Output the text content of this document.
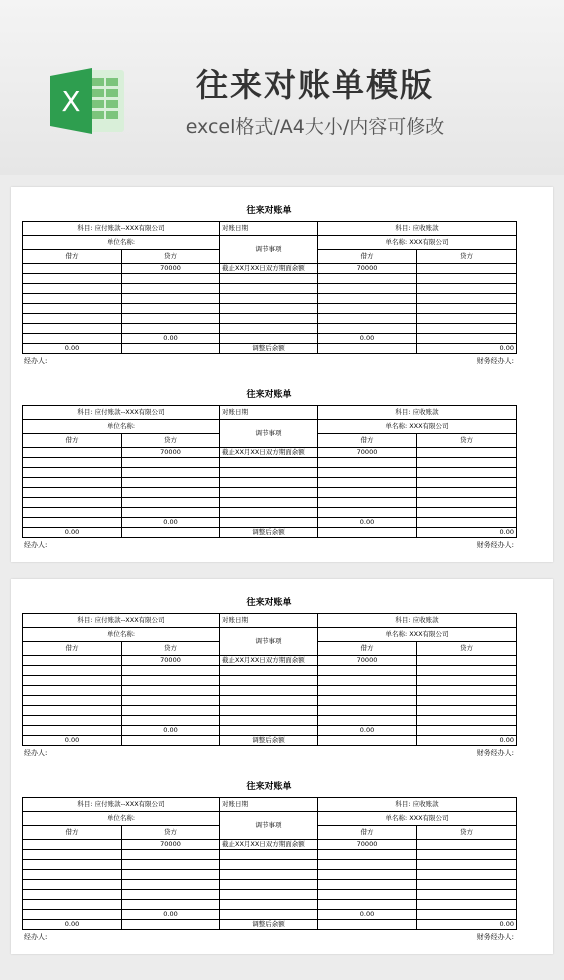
X	往来对账单模版
excel格式/A4大小/内容可修改
往来对账单
科目: 应付账款--XXX有限公司		对账日期	科目: 应收账款	
单位名称:		调节事项	单名称: XXX有限公司	
借方	贷方		借方	贷方
	70000	截止XX月XX日双方期面余额	70000	

	0.00		0.00	
0.00		调整后余额		0.00
经办人:	财务经办人:
往来对账单
科目: 应付账款--XXX有限公司		对账日期	科目: 应收账款	
单位名称:		调节事项	单名称: XXX有限公司	
借方	贷方		借方	贷方
	70000	截止XX月XX日双方期面余额	70000	

	0.00		0.00	
0.00		调整后余额		0.00
经办人:	财务经办人:
往来对账单
科目: 应付账款--XXX有限公司		对账日期	科目: 应收账款	
单位名称:		调节事项	单名称: XXX有限公司	
借方	贷方		借方	贷方
	70000	截止XX月XX日双方期面余额	70000	

	0.00		0.00	
0.00		调整后余额		0.00
经办人:	财务经办人:
往来对账单
科目: 应付账款--XXX有限公司		对账日期	科目: 应收账款	
单位名称:		调节事项	单名称: XXX有限公司	
借方	贷方		借方	贷方
	70000	截止XX月XX日双方期面余额	70000	

	0.00		0.00	
0.00		调整后余额		0.00
经办人:	财务经办人:
